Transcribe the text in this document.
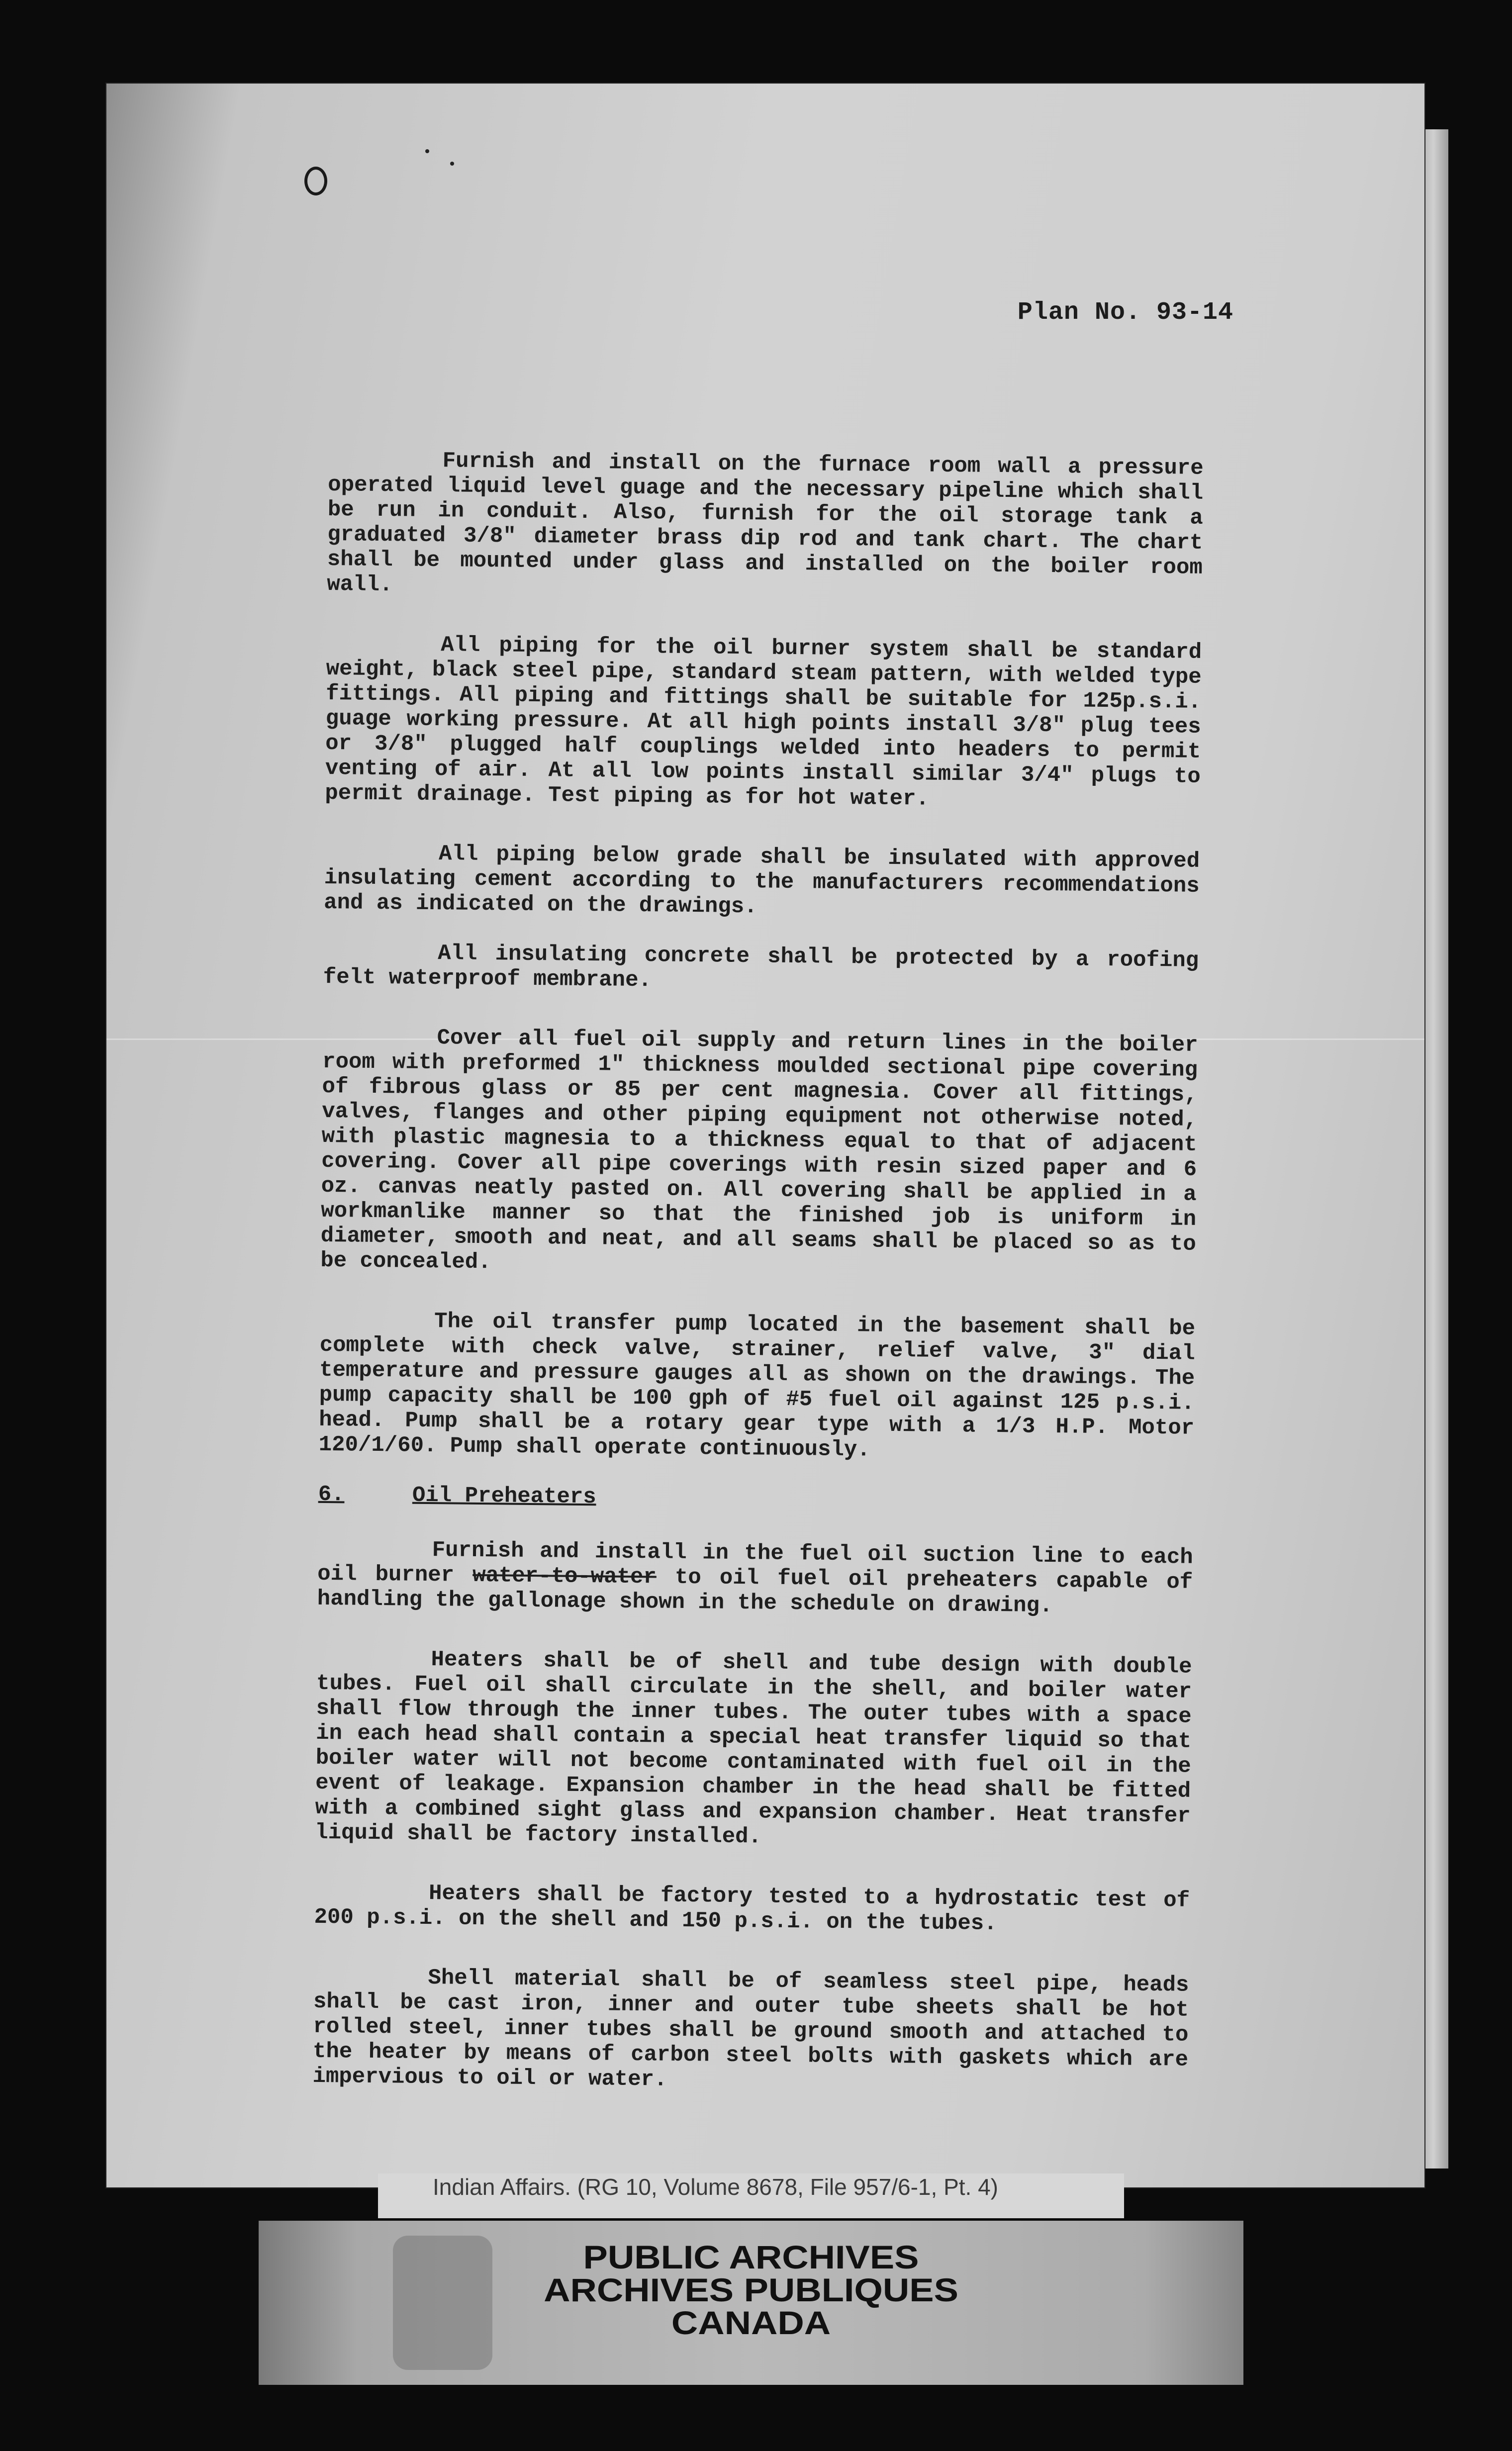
Plan No. 93-14

Furnish and install on the furnace room wall a pressure operated liquid level guage and the necessary pipeline which shall be run in conduit. Also, furnish for the oil storage tank a graduated 3/8" diameter brass dip rod and tank chart. The chart shall be mounted under glass and installed on the boiler room wall.

All piping for the oil burner system shall be standard weight, black steel pipe, standard steam pattern, with welded type fittings. All piping and fittings shall be suitable for 125p.s.i. guage working pressure. At all high points install 3/8" plug tees or 3/8" plugged half couplings welded into headers to permit venting of air. At all low points install similar 3/4" plugs to permit drainage. Test piping as for hot water.

All piping below grade shall be insulated with approved insulating cement according to the manufacturers recommendations and as indicated on the drawings.

All insulating concrete shall be protected by a roofing felt waterproof membrane.

Cover all fuel oil supply and return lines in the boiler room with preformed 1" thickness moulded sectional pipe covering of fibrous glass or 85 per cent magnesia. Cover all fittings, valves, flanges and other piping equipment not otherwise noted, with plastic magnesia to a thickness equal to that of adjacent covering. Cover all pipe coverings with resin sized paper and 6 oz. canvas neatly pasted on. All covering shall be applied in a workmanlike manner so that the finished job is uniform in diameter, smooth and neat, and all seams shall be placed so as to be concealed.

The oil transfer pump located in the basement shall be complete with check valve, strainer, relief valve, 3" dial temperature and pressure gauges all as shown on the drawings. The pump capacity shall be 100 gph of #5 fuel oil against 125 p.s.i. head. Pump shall be a rotary gear type with a 1/3 H.P. Motor 120/1/60. Pump shall operate continuously.

6.	Oil Preheaters

Furnish and install in the fuel oil suction line to each oil burner water-to-water to oil fuel oil preheaters capable of handling the gallonage shown in the schedule on drawing.

Heaters shall be of shell and tube design with double tubes. Fuel oil shall circulate in the shell, and boiler water shall flow through the inner tubes. The outer tubes with a space in each head shall contain a special heat transfer liquid so that boiler water will not become contaminated with fuel oil in the event of leakage. Expansion chamber in the head shall be fitted with a combined sight glass and expansion chamber. Heat transfer liquid shall be factory installed.

Heaters shall be factory tested to a hydrostatic test of 200 p.s.i. on the shell and 150 p.s.i. on the tubes.

Shell material shall be of seamless steel pipe, heads shall be cast iron, inner and outer tube sheets shall be hot rolled steel, inner tubes shall be ground smooth and attached to the heater by means of carbon steel bolts with gaskets which are impervious to oil or water.

Indian Affairs. (RG 10, Volume 8678, File 957/6-1, Pt. 4)
PUBLIC ARCHIVES
ARCHIVES PUBLIQUES
CANADA
